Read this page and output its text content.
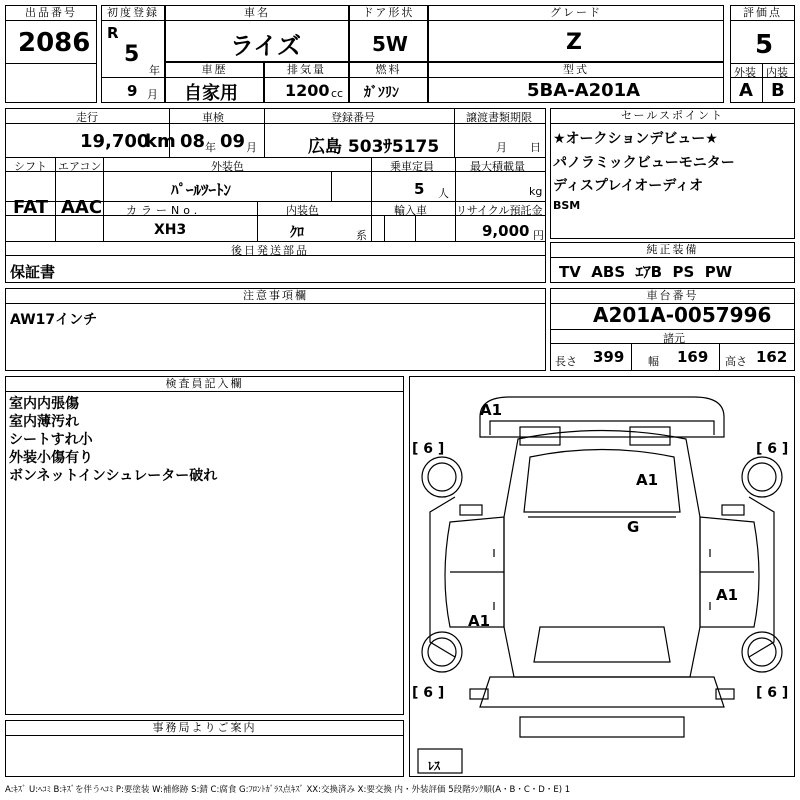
出品番号
2086
初度登録
R
5
年
9 月
車名
ライズ
ドア形状
5W
グレード
Z
評価点
5
外装 内装
A B
車歴
自家用
排気量
1200 cc
燃料
ｶﾞｿﾘﾝ
型式
5BA-A201A
走行
19,700
km
車検
08 年 09 月
登録番号
広島 503ｻ5175
譲渡書類期限
月 日
シフト エアコン
FAT AAC
外装色
ﾊﾟｰﾙﾂｰﾄﾝ
乗車定員
5 人
最大積載量
kg
カラーNo.
XH3
内装色
ｸﾛ	系
輸入車	リサイクル預託金
9,000 円
後日発送部品
保証書
セールスポイント
★オークションデビュー★
パノラミックビューモニター
ディスプレイオーディオ
BSM
純正装備
TV  ABS  ｴｱB  PS  PW
注意事項欄
AW17インチ
車台番号
A201A-0057996
諸元
長さ 399 幅 169 高さ 162
検査員記入欄
室内内張傷
室内薄汚れ
シートすれ小
外装小傷有り
ボンネットインシュレーター破れ
事務局よりご案内
A1
A1
G
A1
A1
[ 6 ]	[ 6 ]
[ 6 ]	[ 6 ]
ﾚｽ
A:ｷｽﾞ U:ﾍｺﾐ B:ｷｽﾞを伴うﾍｺﾐ P:要塗装 W:補修跡 S:錆 C:腐食 G:ﾌﾛﾝﾄｶﾞﾗｽ点ｷｽﾞ XX:交換済み X:要交換 内・外装評価 5段階ﾗﾝｸ順(A・B・C・D・E) 1
